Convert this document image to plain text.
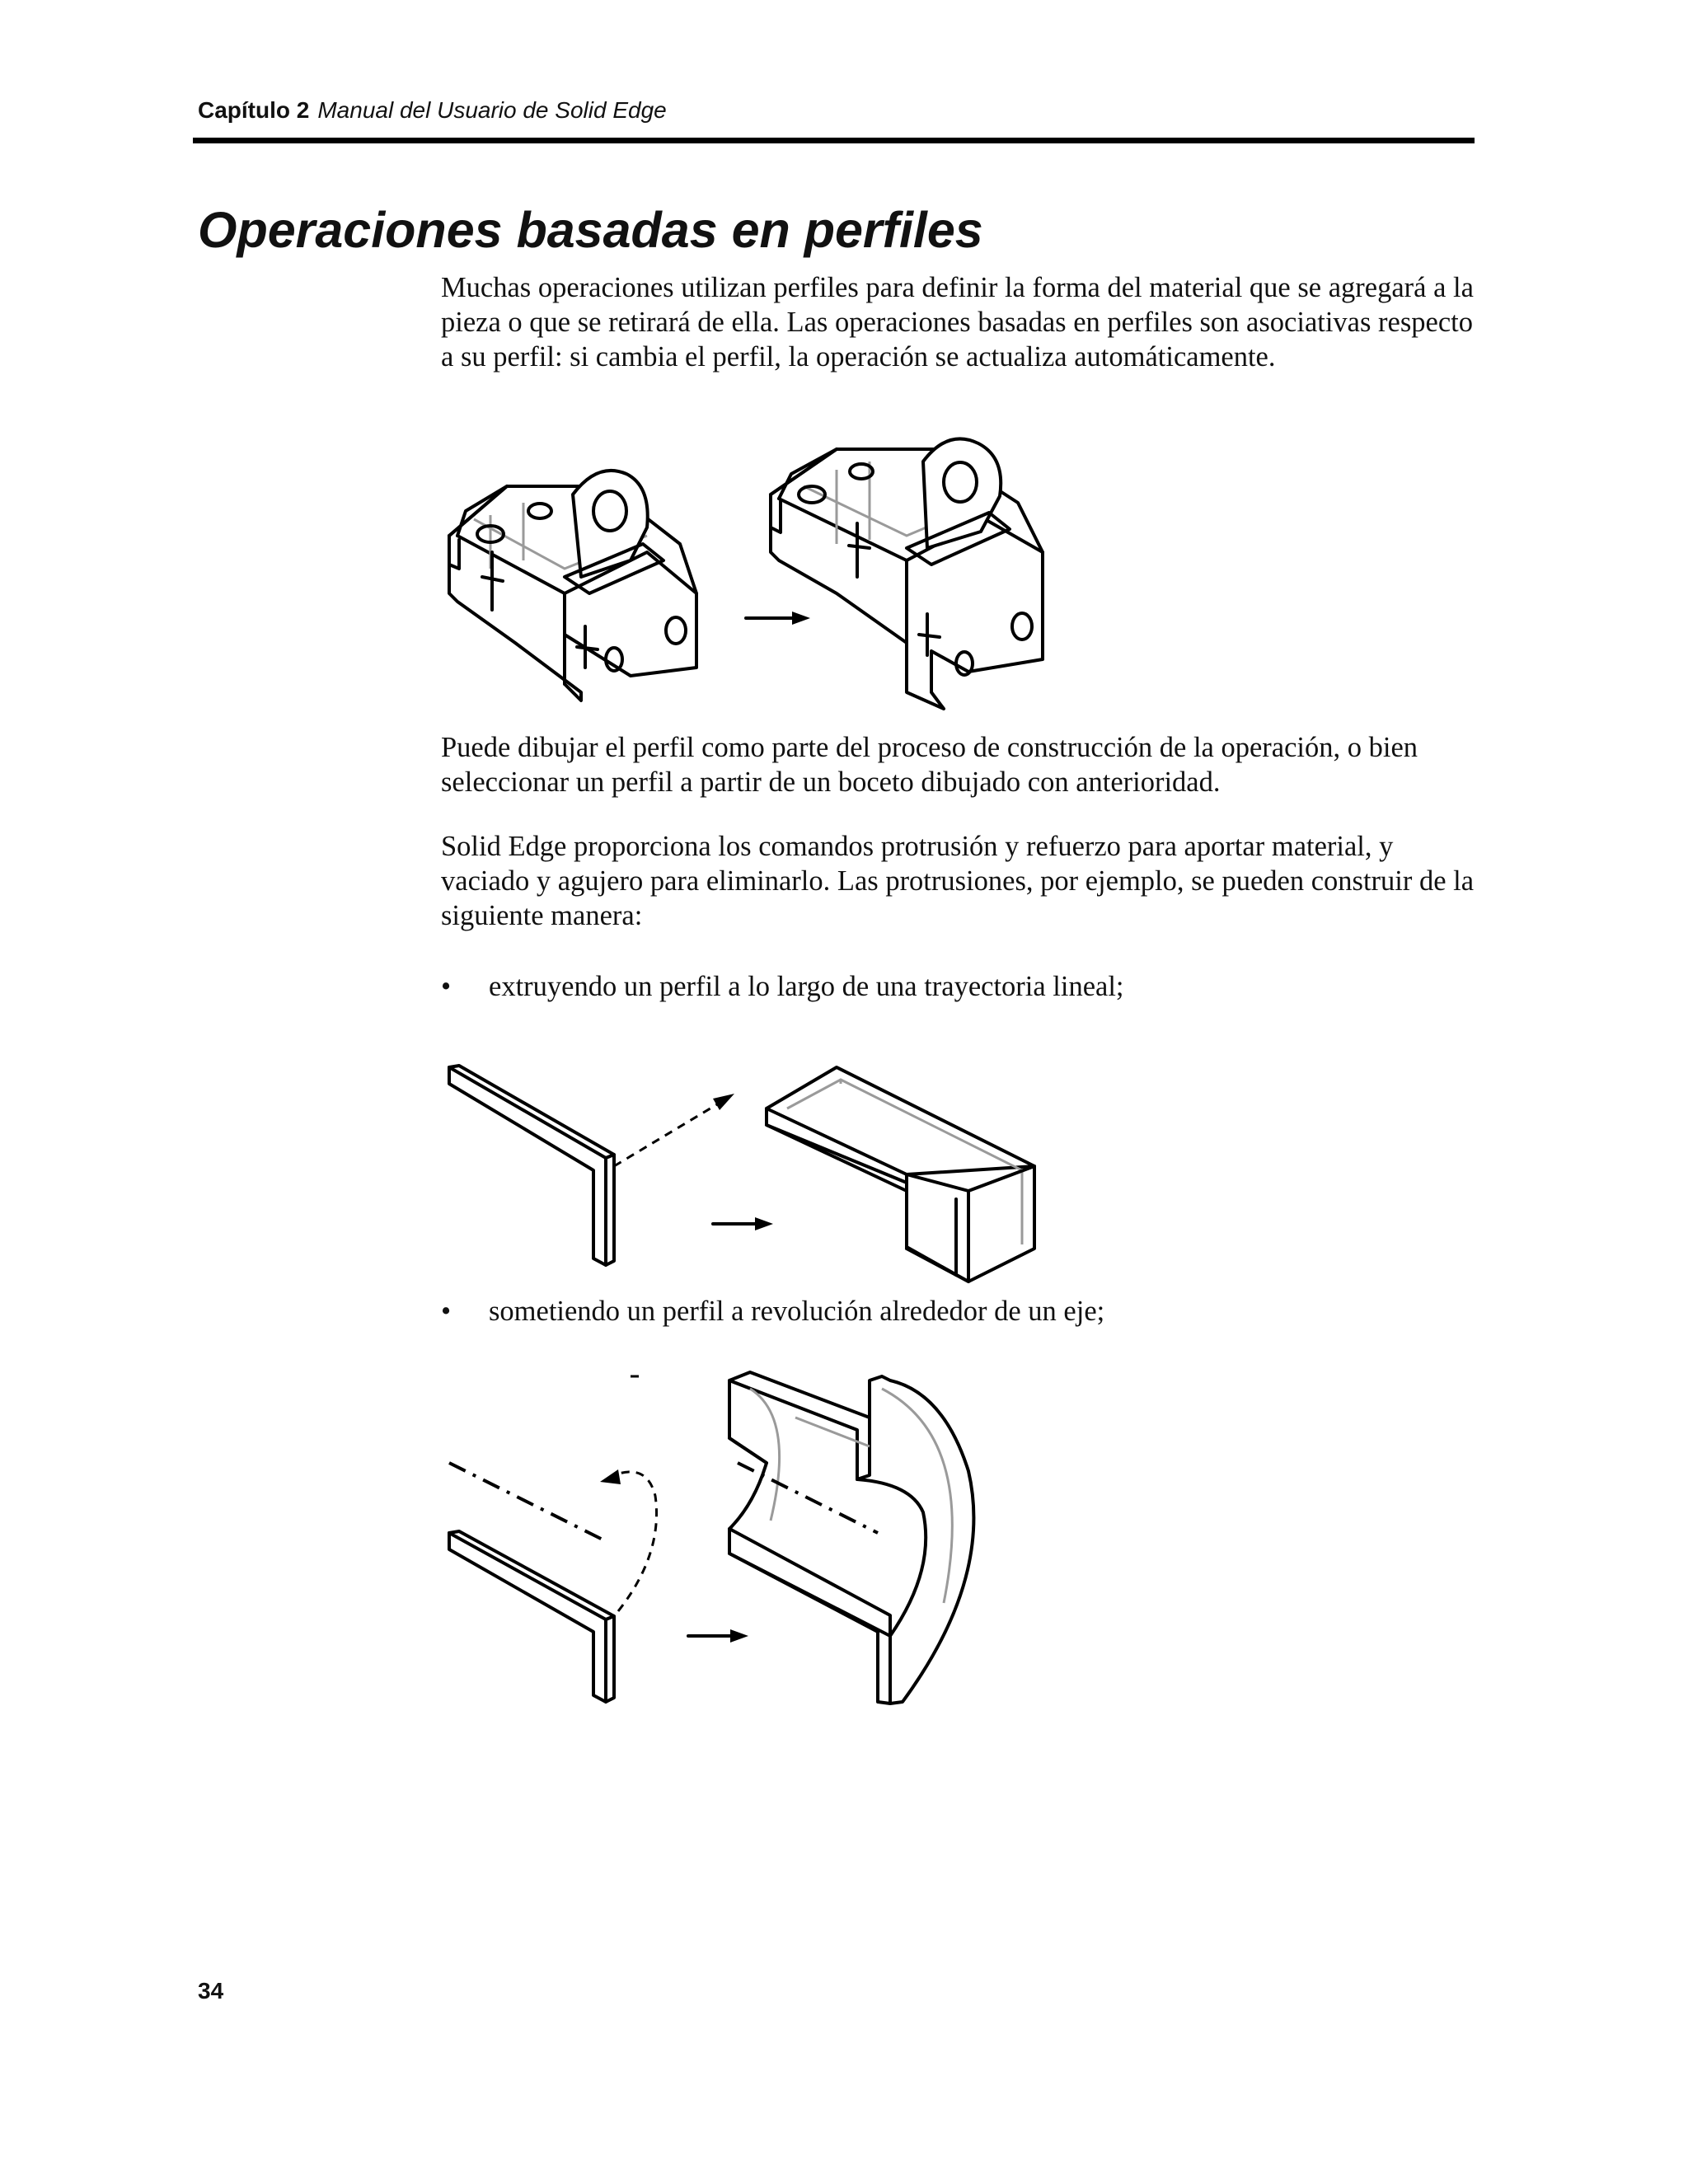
Capítulo 2 Manual del Usuario de Solid Edge
Operaciones basadas en perfiles

Muchas operaciones utilizan perfiles para definir la forma del material que se agregará a la pieza o que se retirará de ella. Las operaciones basadas en perfiles son asociativas respecto a su perfil: si cambia el perfil, la operación se actualiza automáticamente.

Puede dibujar el perfil como parte del proceso de construcción de la operación, o bien seleccionar un perfil a partir de un boceto dibujado con anterioridad.

Solid Edge proporciona los comandos protrusión y refuerzo para aportar material, y vaciado y agujero para eliminarlo. Las protrusiones, por ejemplo, se pueden construir de la siguiente manera:

•	extruyendo un perfil a lo largo de una trayectoria lineal;
•	sometiendo un perfil a revolución alrededor de un eje;
34
